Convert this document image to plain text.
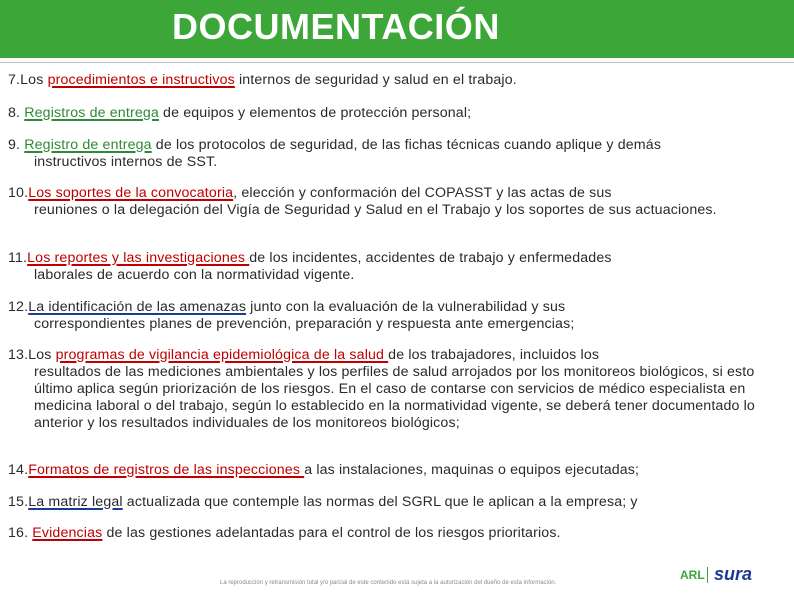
DOCUMENTACIÓN
7.Los procedimientos e instructivos internos de seguridad y salud en el trabajo.
8. Registros de entrega de equipos y elementos de protección personal;
9. Registro de entrega de los protocolos de seguridad, de las fichas técnicas cuando aplique y demás
instructivos internos de SST.
10.Los soportes de la convocatoria, elección y conformación del COPASST y las actas de sus
reuniones o la delegación del Vigía de Seguridad y Salud en el Trabajo y los soportes de sus actuaciones.
11.Los reportes y las investigaciones de los incidentes, accidentes de trabajo y enfermedades
laborales de acuerdo con la normatividad vigente.
12.La identificación de las amenazas junto con la evaluación de la vulnerabilidad y sus
correspondientes planes de prevención, preparación y respuesta ante emergencias;
13.Los programas de vigilancia epidemiológica de la salud de los trabajadores, incluidos los
resultados de las mediciones ambientales y los perfiles de salud arrojados por los monitoreos biológicos, si esto último aplica según priorización de los riesgos. En el caso de contarse con servicios de médico especialista en medicina laboral o del trabajo, según lo establecido en la normatividad vigente, se deberá tener documentado lo anterior y los resultados individuales de los monitoreos biológicos;
14.Formatos de registros de las inspecciones a las instalaciones, maquinas o equipos ejecutadas;
15.La matriz legal actualizada que contemple las normas del SGRL que le aplican a la empresa; y
16. Evidencias de las gestiones adelantadas para el control de los riesgos prioritarios.
La reproducción y retransmisión total y/o parcial de este contenido está sujeta a la autorización del dueño de esta información.
ARL sura
